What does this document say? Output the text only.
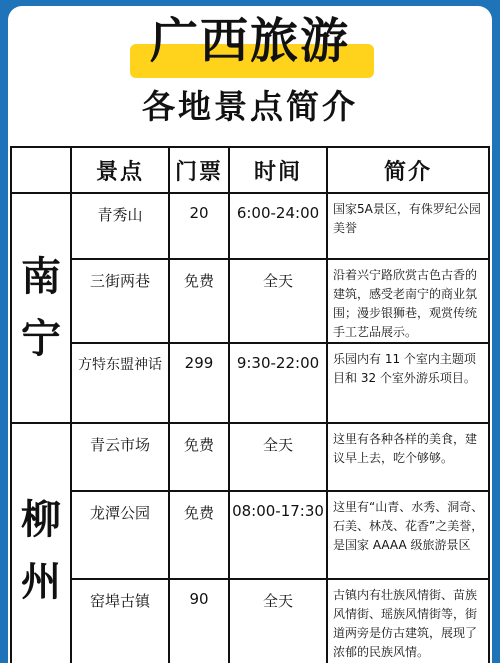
广西旅游
各地景点简介
	景点	门票	时间	简介

南宁	青秀山	20	6:00-24:00	国家5A景区，有侏罗纪公园美誉
	三街两巷	免费	全天	沿着兴宁路欣赏古色古香的建筑，感受老南宁的商业氛围；漫步银狮巷，观赏传统手工艺品展示。
	方特东盟神话	299	9:30-22:00	乐园内有 11 个室内主题项目和 32 个室外游乐项目。

柳州	青云市场	免费	全天	这里有各种各样的美食，建议早上去，吃个够够。
	龙潭公园	免费	08:00-17:30	这里有“山青、水秀、洞奇、石美、林茂、花香”之美誉，是国家 AAAA 级旅游景区
	窑埠古镇	90	全天	古镇内有壮族风情街、苗族风情街、瑶族风情街等，街道两旁是仿古建筑，展现了浓郁的民族风情。
